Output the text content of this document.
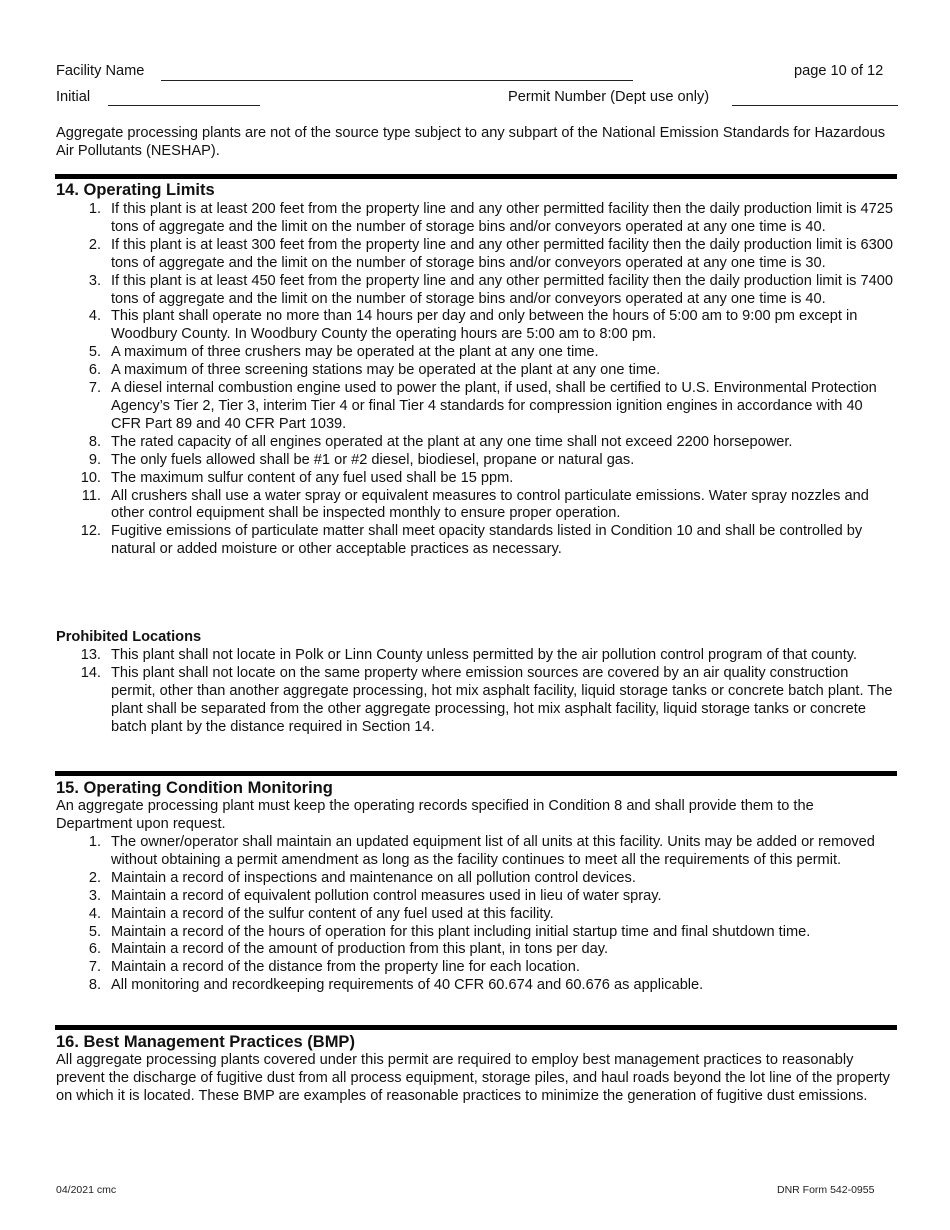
Facility Name	page 10 of 12
Initial	Permit Number (Dept use only)
Aggregate processing plants are not of the source type subject to any subpart of the National Emission Standards for Hazardous Air Pollutants (NESHAP).
14. Operating Limits
1. If this plant is at least 200 feet from the property line and any other permitted facility then the daily production limit is 4725 tons of aggregate and the limit on the number of storage bins and/or conveyors operated at any one time is 40.
2. If this plant is at least 300 feet from the property line and any other permitted facility then the daily production limit is 6300 tons of aggregate and the limit on the number of storage bins and/or conveyors operated at any one time is 30.
3. If this plant is at least 450 feet from the property line and any other permitted facility then the daily production limit is 7400 tons of aggregate and the limit on the number of storage bins and/or conveyors operated at any one time is 40.
4. This plant shall operate no more than 14 hours per day and only between the hours of 5:00 am to 9:00 pm except in Woodbury County. In Woodbury County the operating hours are 5:00 am to 8:00 pm.
5. A maximum of three crushers may be operated at the plant at any one time.
6. A maximum of three screening stations may be operated at the plant at any one time.
7. A diesel internal combustion engine used to power the plant, if used, shall be certified to U.S. Environmental Protection Agency’s Tier 2, Tier 3, interim Tier 4 or final Tier 4 standards for compression ignition engines in accordance with 40 CFR Part 89 and 40 CFR Part 1039.
8. The rated capacity of all engines operated at the plant at any one time shall not exceed 2200 horsepower.
9. The only fuels allowed shall be #1 or #2 diesel, biodiesel, propane or natural gas.
10. The maximum sulfur content of any fuel used shall be 15 ppm.
11. All crushers shall use a water spray or equivalent measures to control particulate emissions. Water spray nozzles and other control equipment shall be inspected monthly to ensure proper operation.
12. Fugitive emissions of particulate matter shall meet opacity standards listed in Condition 10 and shall be controlled by natural or added moisture or other acceptable practices as necessary.
Prohibited Locations
13. This plant shall not locate in Polk or Linn County unless permitted by the air pollution control program of that county.
14. This plant shall not locate on the same property where emission sources are covered by an air quality construction permit, other than another aggregate processing, hot mix asphalt facility, liquid storage tanks or concrete batch plant. The plant shall be separated from the other aggregate processing, hot mix asphalt facility, liquid storage tanks or concrete batch plant by the distance required in Section 14.
15. Operating Condition Monitoring
An aggregate processing plant must keep the operating records specified in Condition 8 and shall provide them to the Department upon request.
1. The owner/operator shall maintain an updated equipment list of all units at this facility. Units may be added or removed without obtaining a permit amendment as long as the facility continues to meet all the requirements of this permit.
2. Maintain a record of inspections and maintenance on all pollution control devices.
3. Maintain a record of equivalent pollution control measures used in lieu of water spray.
4. Maintain a record of the sulfur content of any fuel used at this facility.
5. Maintain a record of the hours of operation for this plant including initial startup time and final shutdown time.
6. Maintain a record of the amount of production from this plant, in tons per day.
7. Maintain a record of the distance from the property line for each location.
8. All monitoring and recordkeeping requirements of 40 CFR 60.674 and 60.676 as applicable.
16. Best Management Practices (BMP)
All aggregate processing plants covered under this permit are required to employ best management practices to reasonably prevent the discharge of fugitive dust from all process equipment, storage piles, and haul roads beyond the lot line of the property on which it is located. These BMP are examples of reasonable practices to minimize the generation of fugitive dust emissions.
04/2021 cmc	DNR Form 542-0955
